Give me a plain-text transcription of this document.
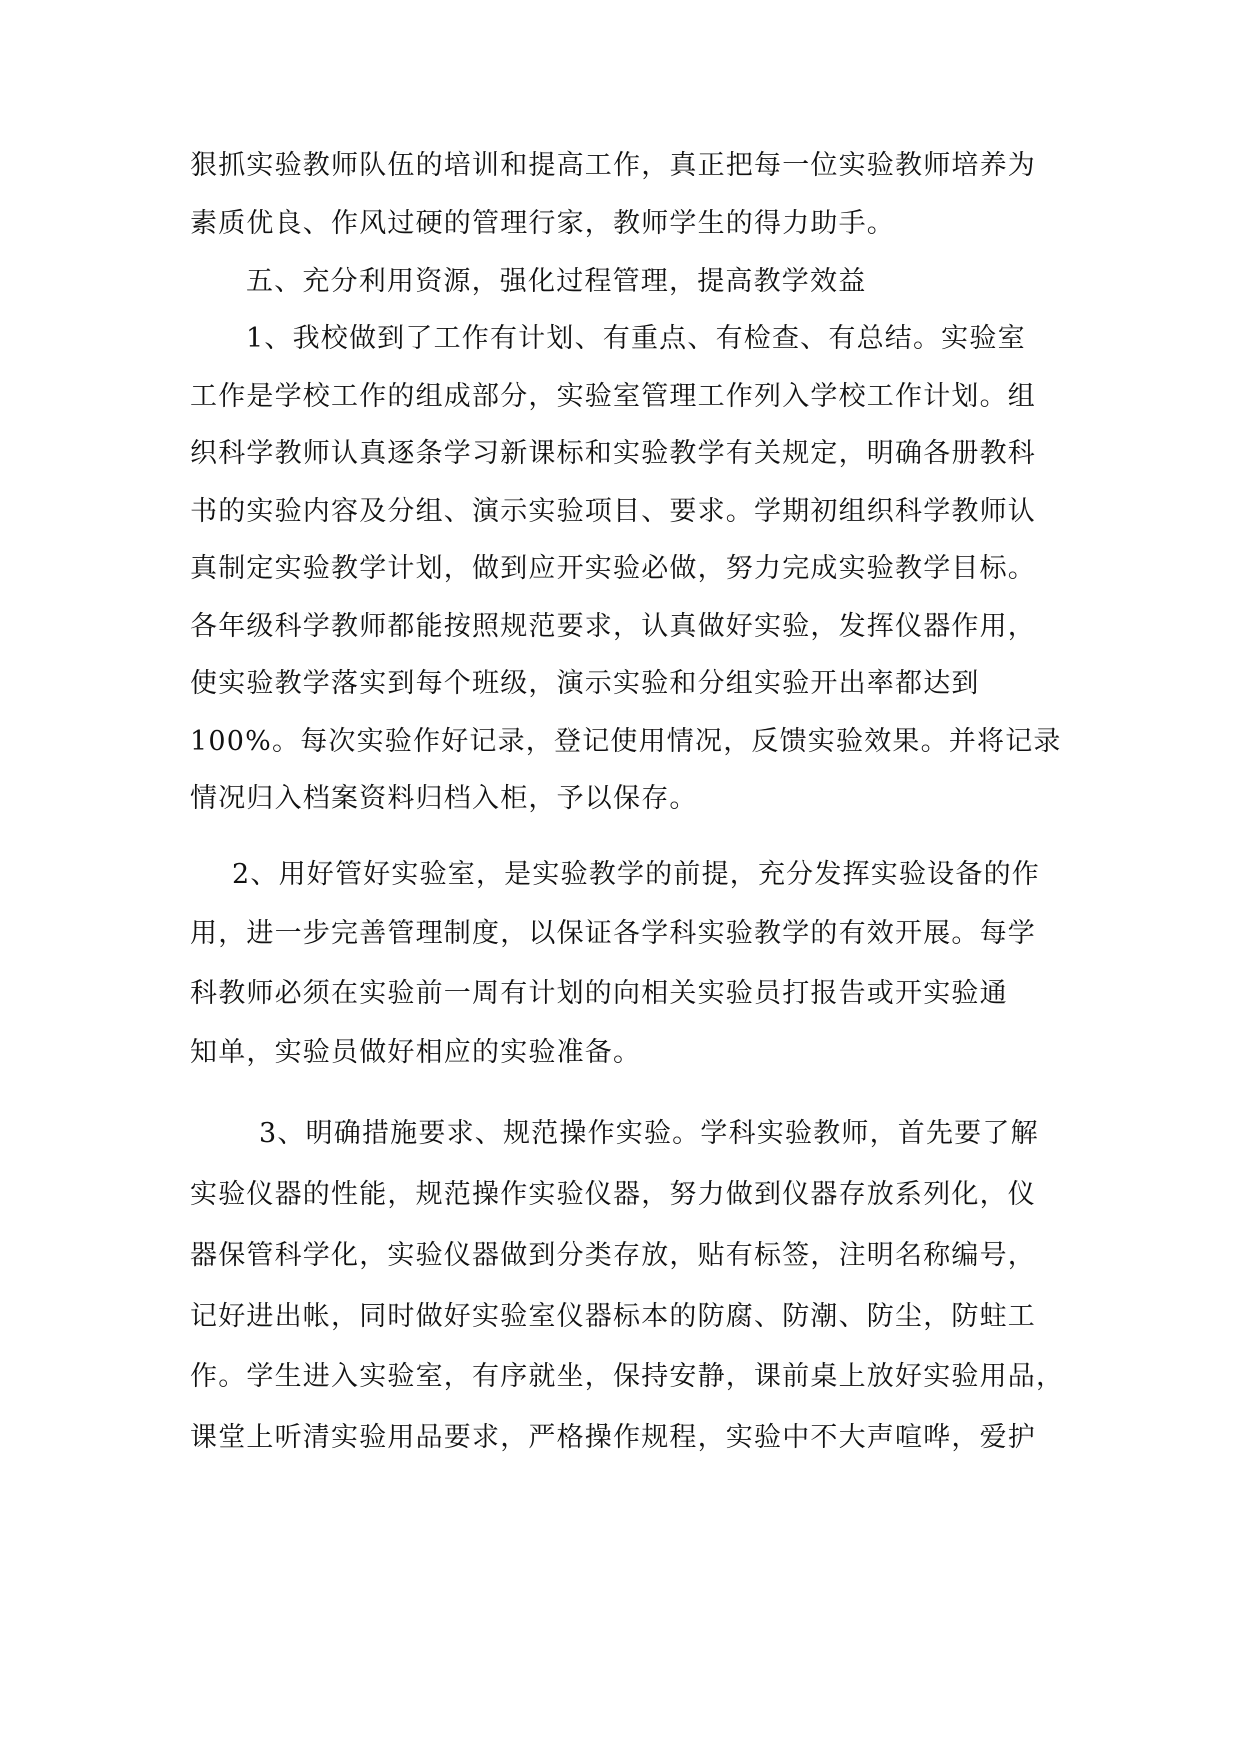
狠抓实验教师队伍的培训和提高工作，真正把每一位实验教师培养为
素质优良、作风过硬的管理行家，教师学生的得力助手。
五、充分利用资源，强化过程管理，提高教学效益
1、我校做到了工作有计划、有重点、有检查、有总结。实验室
工作是学校工作的组成部分，实验室管理工作列入学校工作计划。组
织科学教师认真逐条学习新课标和实验教学有关规定，明确各册教科
书的实验内容及分组、演示实验项目、要求。学期初组织科学教师认
真制定实验教学计划，做到应开实验必做，努力完成实验教学目标。
各年级科学教师都能按照规范要求，认真做好实验，发挥仪器作用，
使实验教学落实到每个班级，演示实验和分组实验开出率都达到
100%。每次实验作好记录，登记使用情况，反馈实验效果。并将记录
情况归入档案资料归档入柜，予以保存。
2、用好管好实验室，是实验教学的前提，充分发挥实验设备的作
用，进一步完善管理制度，以保证各学科实验教学的有效开展。每学
科教师必须在实验前一周有计划的向相关实验员打报告或开实验通
知单，实验员做好相应的实验准备。
3、明确措施要求、规范操作实验。学科实验教师，首先要了解
实验仪器的性能，规范操作实验仪器，努力做到仪器存放系列化，仪
器保管科学化，实验仪器做到分类存放，贴有标签，注明名称编号，
记好进出帐，同时做好实验室仪器标本的防腐、防潮、防尘，防蛀工
作。学生进入实验室，有序就坐，保持安静，课前桌上放好实验用品，
课堂上听清实验用品要求，严格操作规程，实验中不大声喧哗，爱护
